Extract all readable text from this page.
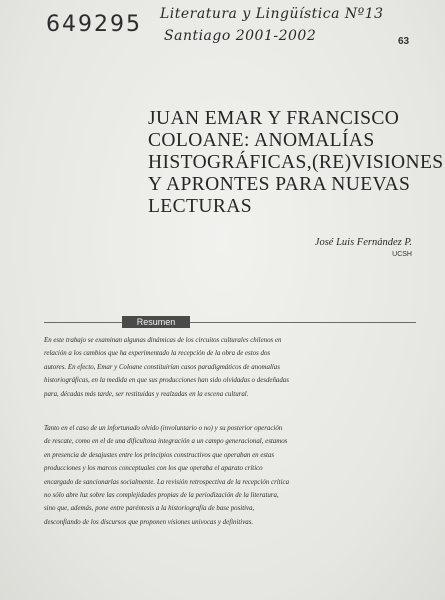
649295 Literatura y Lingüística Nº13
Santiago 2001-2002	63
JUAN EMAR Y FRANCISCO
COLOANE: ANOMALÍAS
HISTOGRÁFICAS,(RE)VISIONES
Y APRONTES PARA NUEVAS
LECTURAS
José Luis Fernández P.
UCSH
Resumen
En este trabajo se examinan algunas dinámicas de los circuitos culturales chilenos en
relación a los cambios que ha experimentado la recepción de la obra de estos dos
autores. En efecto, Emar y Coloane constituirían casos paradigmáticos de anomalías
historiográficas, en la medida en que sus producciones han sido olvidadas o desdeñadas
para, décadas más tarde, ser restituidas y realzadas en la escena cultural.
Tanto en el caso de un infortunado olvido (involuntario o no) y su posterior operación
de rescate, como en el de una dificultosa integración a un campo generacional, estamos
en presencia de desajustes entre los principios constructivos que operaban en estas
producciones y los marcos conceptuales con los que operaba el aparato crítico
encargado de sancionarlas socialmente. La revisión retrospectiva de la recepción crítica
no sólo abre luz sobre las complejidades propias de la periodización de la literatura,
sino que, además, pone entre paréntesis a la historiografía de base positiva,
desconfiando de los discursos que proponen visiones univocas y definitivas.
